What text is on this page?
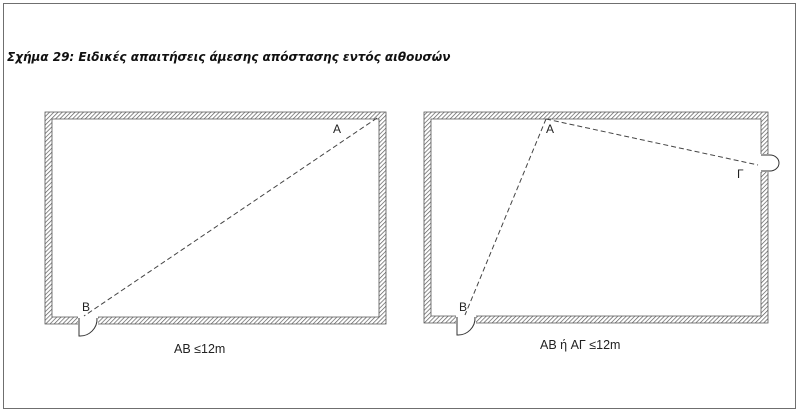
Σχήμα 29: Ειδικές απαιτήσεις άμεσης απόστασης εντός αιθουσών
A
B
AB ≤12m
A
B
Γ
AB ή AΓ ≤12m
